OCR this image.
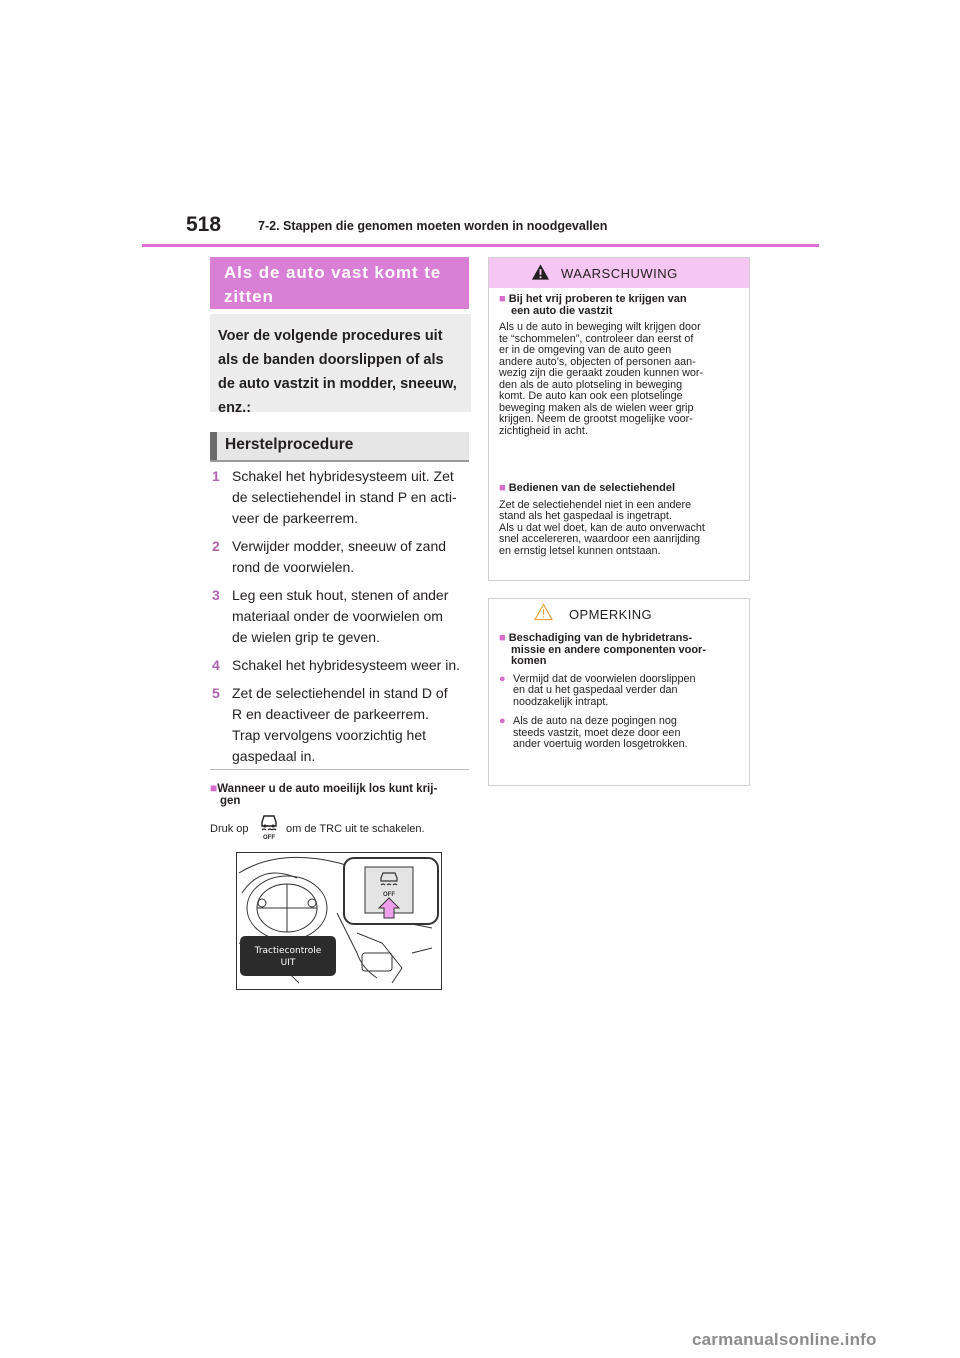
518	7-2. Stappen die genomen moeten worden in noodgevallen
Als de auto vast komt te
zitten
Voer de volgende procedures uit
als de banden doorslippen of als
de auto vastzit in modder, sneeuw,
enz.:
Herstelprocedure
1 Schakel het hybridesysteem uit. Zet
de selectiehendel in stand P en acti-
veer de parkeerrem.
2 Verwijder modder, sneeuw of zand
rond de voorwielen.
3 Leg een stuk hout, stenen of ander
materiaal onder de voorwielen om
de wielen grip te geven.
4 Schakel het hybridesysteem weer in.
5 Zet de selectiehendel in stand D of
R en deactiveer de parkeerrem.
Trap vervolgens voorzichtig het
gaspedaal in.
■Wanneer u de auto moeilijk los kunt krij-
gen
Druk op
OFF
om de TRC uit te schakelen.
OFF
Tractiecontrole
UIT
WAARSCHUWING
■ Bij het vrij proberen te krijgen van
een auto die vastzit
Als u de auto in beweging wilt krijgen door
te “schommelen”, controleer dan eerst of
er in de omgeving van de auto geen
andere auto’s, objecten of personen aan-
wezig zijn die geraakt zouden kunnen wor-
den als de auto plotseling in beweging
komt. De auto kan ook een plotselinge
beweging maken als de wielen weer grip
krijgen. Neem de grootst mogelijke voor-
zichtigheid in acht.
■ Bedienen van de selectiehendel
Zet de selectiehendel niet in een andere
stand als het gaspedaal is ingetrapt.
Als u dat wel doet, kan de auto onverwacht
snel accelereren, waardoor een aanrijding
en ernstig letsel kunnen ontstaan.
OPMERKING
■ Beschadiging van de hybridetrans-
missie en andere componenten voor-
komen
● Vermijd dat de voorwielen doorslippen
en dat u het gaspedaal verder dan
noodzakelijk intrapt.
● Als de auto na deze pogingen nog
steeds vastzit, moet deze door een
ander voertuig worden losgetrokken.
carmanualsonline.info
